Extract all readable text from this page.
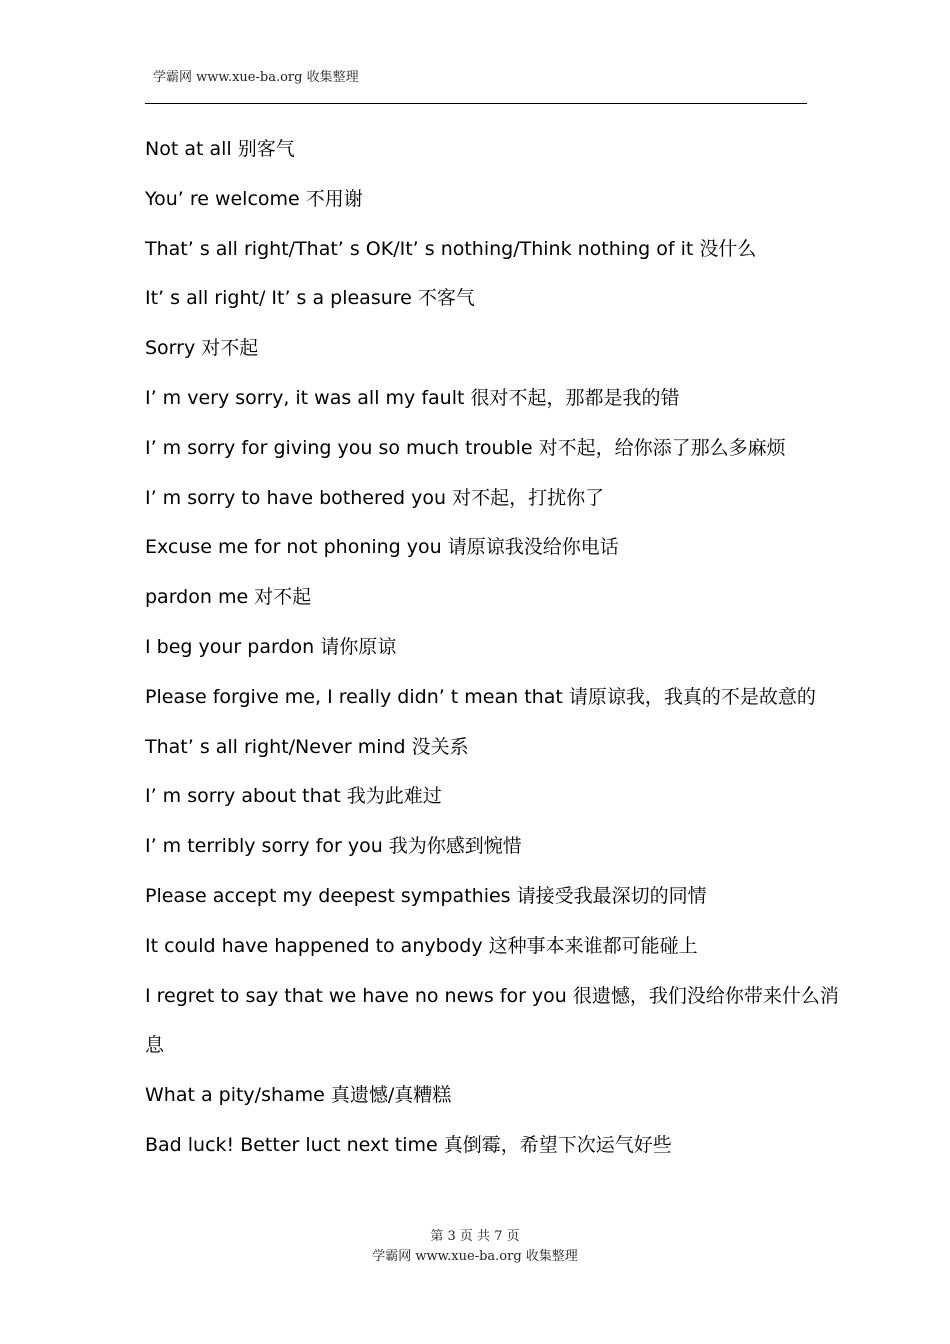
学霸网 www.xue-ba.org 收集整理
Not at all 别客气
You’ re welcome 不用谢
That’ s all right/That’ s OK/It’ s nothing/Think nothing of it 没什么
It’ s all right/ It’ s a pleasure 不客气
Sorry 对不起
I’ m very sorry, it was all my fault 很对不起，那都是我的错
I’ m sorry for giving you so much trouble 对不起，给你添了那么多麻烦
I’ m sorry to have bothered you 对不起，打扰你了
Excuse me for not phoning you 请原谅我没给你电话
pardon me 对不起
I beg your pardon 请你原谅
Please forgive me, I really didn’ t mean that 请原谅我，我真的不是故意的
That’ s all right/Never mind 没关系
I’ m sorry about that 我为此难过
I’ m terribly sorry for you 我为你感到惋惜
Please accept my deepest sympathies 请接受我最深切的同情
It could have happened to anybody 这种事本来谁都可能碰上
I regret to say that we have no news for you 很遗憾，我们没给你带来什么消
息
What a pity/shame 真遗憾/真糟糕
Bad luck! Better luct next time 真倒霉，希望下次运气好些
第 3 页 共 7 页
学霸网 www.xue-ba.org 收集整理
